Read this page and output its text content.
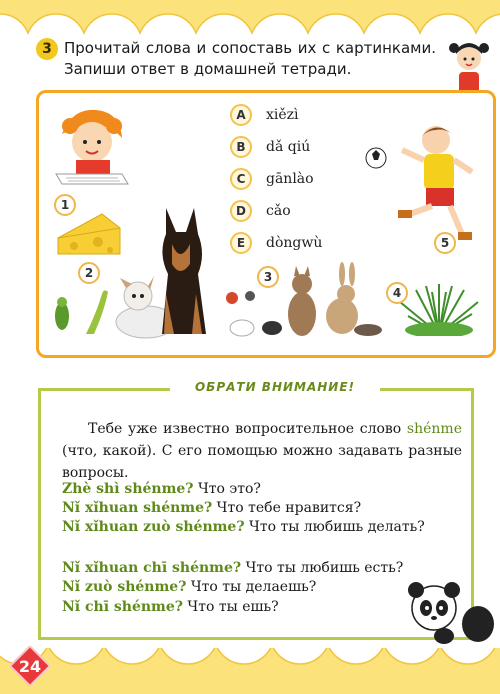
3 Прочитай слова и сопоставь их с картинками. Запиши ответ в домашней тетради.
1
2
A	xiězì
B	dǎ qiú
C	gānlào
D	cǎo
E	dòngwù
3
4
5
ОБРАТИ ВНИМАНИЕ!
Тебе уже известно вопросительное слово shénme (что, какой). С его помощью можно задавать разные вопросы.
Zhè shì shénme? Что это?
Nǐ xǐhuan shénme? Что тебе нравится?
Nǐ xǐhuan zuò shénme? Что ты любишь делать?
Nǐ xǐhuan chī shénme? Что ты любишь есть?
Nǐ zuò shénme? Что ты делаешь?
Nǐ chī shénme? Что ты ешь?
24
